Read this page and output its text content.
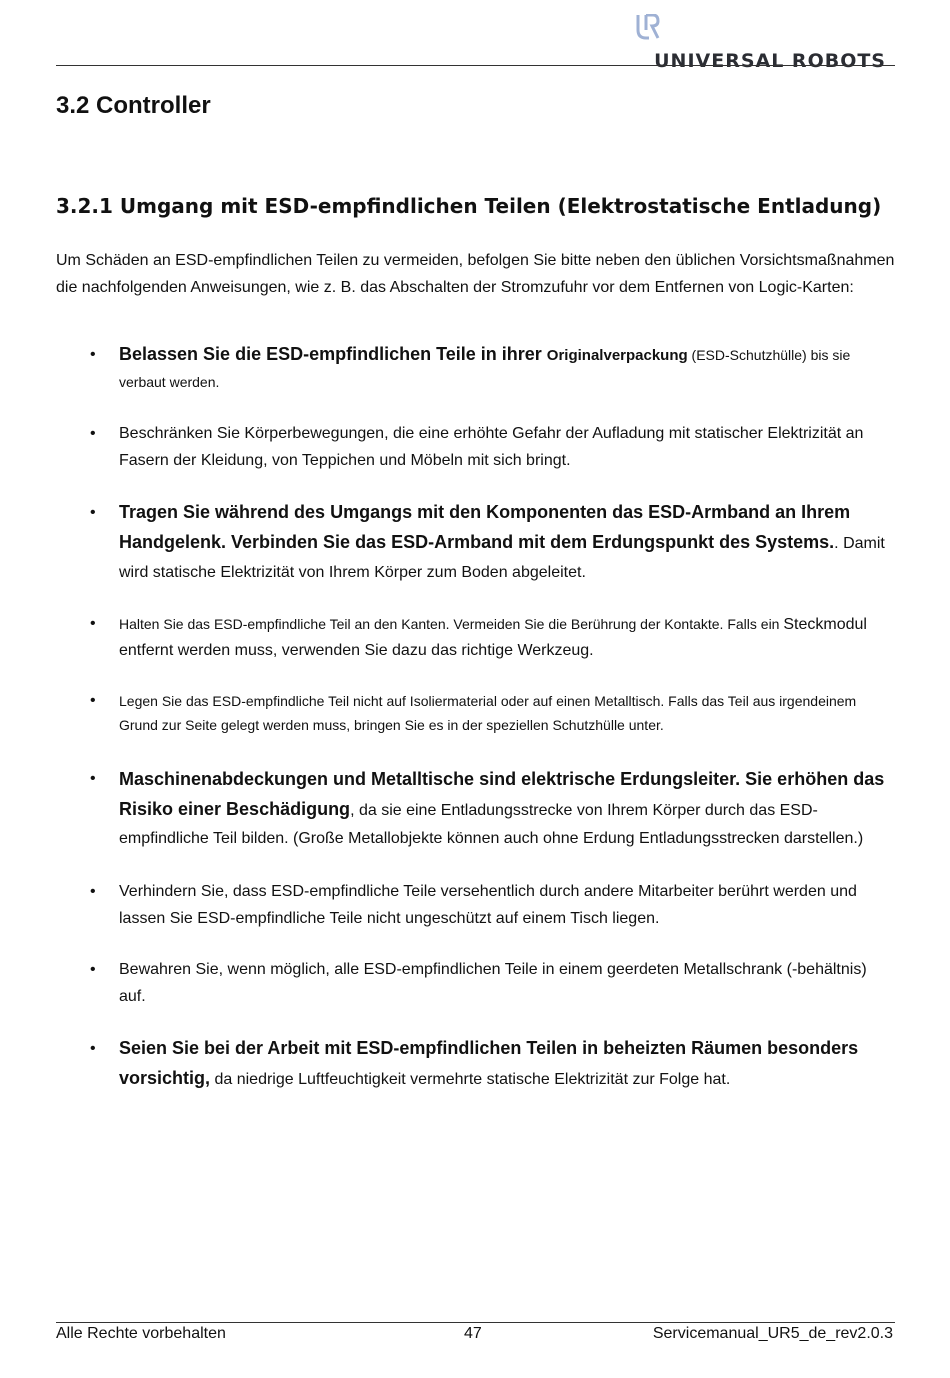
UNIVERSAL ROBOTS
3.2 Controller
3.2.1 Umgang mit ESD-empfindlichen Teilen (Elektrostatische Entladung)

Um Schäden an ESD-empfindlichen Teilen zu vermeiden, befolgen Sie bitte neben den üblichen Vorsichtsmaßnahmen die nachfolgenden Anweisungen, wie z. B. das Abschalten der Stromzufuhr vor dem Entfernen von Logic-Karten:

• Belassen Sie die ESD-empfindlichen Teile in ihrer Originalverpackung (ESD-Schutzhülle) bis sie verbaut werden.
• Beschränken Sie Körperbewegungen, die eine erhöhte Gefahr der Aufladung mit statischer Elektrizität an Fasern der Kleidung, von Teppichen und Möbeln mit sich bringt.
• Tragen Sie während des Umgangs mit den Komponenten das ESD-Armband an Ihrem Handgelenk. Verbinden Sie das ESD-Armband mit dem Erdungspunkt des Systems.. Damit wird statische Elektrizität von Ihrem Körper zum Boden abgeleitet.
• Halten Sie das ESD-empfindliche Teil an den Kanten. Vermeiden Sie die Berührung der Kontakte. Falls ein Steckmodul entfernt werden muss, verwenden Sie dazu das richtige Werkzeug.
• Legen Sie das ESD-empfindliche Teil nicht auf Isoliermaterial oder auf einen Metalltisch. Falls das Teil aus irgendeinem Grund zur Seite gelegt werden muss, bringen Sie es in der speziellen Schutzhülle unter.
• Maschinenabdeckungen und Metalltische sind elektrische Erdungsleiter. Sie erhöhen das Risiko einer Beschädigung, da sie eine Entladungsstrecke von Ihrem Körper durch das ESD-empfindliche Teil bilden. (Große Metallobjekte können auch ohne Erdung Entladungsstrecken darstellen.)
• Verhindern Sie, dass ESD-empfindliche Teile versehentlich durch andere Mitarbeiter berührt werden und lassen Sie ESD-empfindliche Teile nicht ungeschützt auf einem Tisch liegen.
• Bewahren Sie, wenn möglich, alle ESD-empfindlichen Teile in einem geerdeten Metallschrank (-behältnis) auf.
• Seien Sie bei der Arbeit mit ESD-empfindlichen Teilen in beheizten Räumen besonders vorsichtig, da niedrige Luftfeuchtigkeit vermehrte statische Elektrizität zur Folge hat.
Alle Rechte vorbehalten	47	Servicemanual_UR5_de_rev2.0.3
